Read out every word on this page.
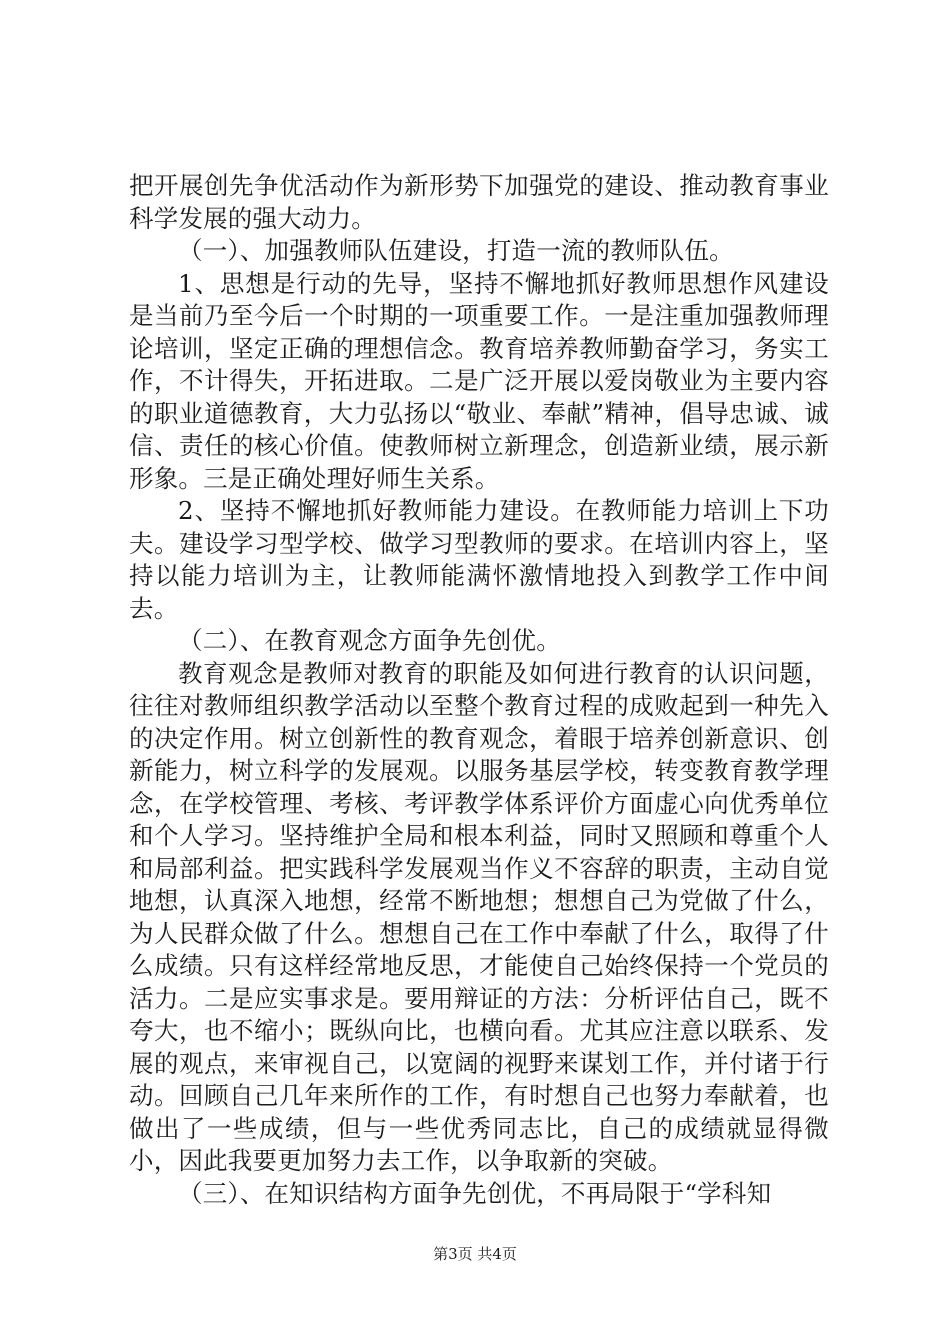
把开展创先争优活动作为新形势下加强党的建设、推动教育事业科学发展的强大动力。

（一）、加强教师队伍建设，打造一流的教师队伍。

1、思想是行动的先导，坚持不懈地抓好教师思想作风建设是当前乃至今后一个时期的一项重要工作。一是注重加强教师理论培训，坚定正确的理想信念。教育培养教师勤奋学习，务实工作，不计得失，开拓进取。二是广泛开展以爱岗敬业为主要内容的职业道德教育，大力弘扬以“敬业、奉献”精神，倡导忠诚、诚信、责任的核心价值。使教师树立新理念，创造新业绩，展示新形象。三是正确处理好师生关系。

2、坚持不懈地抓好教师能力建设。在教师能力培训上下功夫。建设学习型学校、做学习型教师的要求。在培训内容上，坚持以能力培训为主，让教师能满怀激情地投入到教学工作中间去。

（二）、在教育观念方面争先创优。

教育观念是教师对教育的职能及如何进行教育的认识问题，往往对教师组织教学活动以至整个教育过程的成败起到一种先入的决定作用。树立创新性的教育观念，着眼于培养创新意识、创新能力，树立科学的发展观。以服务基层学校，转变教育教学理念，在学校管理、考核、考评教学体系评价方面虚心向优秀单位和个人学习。坚持维护全局和根本利益，同时又照顾和尊重个人和局部利益。把实践科学发展观当作义不容辞的职责，主动自觉地想，认真深入地想，经常不断地想；想想自己为党做了什么，为人民群众做了什么。想想自己在工作中奉献了什么，取得了什么成绩。只有这样经常地反思，才能使自己始终保持一个党员的活力。二是应实事求是。要用辩证的方法：分析评估自己，既不夸大，也不缩小；既纵向比，也横向看。尤其应注意以联系、发展的观点，来审视自己，以宽阔的视野来谋划工作，并付诸于行动。回顾自己几年来所作的工作，有时想自己也努力奉献着，也做出了一些成绩，但与一些优秀同志比，自己的成绩就显得微小，因此我要更加努力去工作，以争取新的突破。

（三）、在知识结构方面争先创优，不再局限于“学科知

第3页 共4页
